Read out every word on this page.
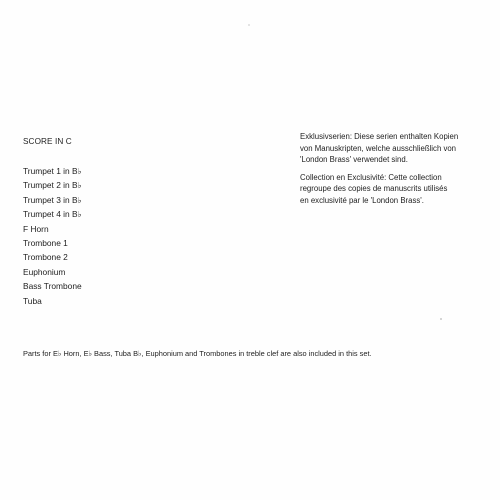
SCORE IN C
Trumpet 1 in B♭
Trumpet 2 in B♭
Trumpet 3 in B♭
Trumpet 4 in B♭
F Horn
Trombone 1
Trombone 2
Euphonium
Bass Trombone
Tuba

Exklusivserien: Diese serien enthalten Kopien
von Manuskripten, welche ausschließlich von
'London Brass' verwendet sind.

Collection en Exclusivité: Cette collection
regroupe des copies de manuscrits utilisés
en exclusivité par le 'London Brass'.

Parts for E♭ Horn, E♭ Bass, Tuba B♭, Euphonium and Trombones in treble clef are also included in this set.
